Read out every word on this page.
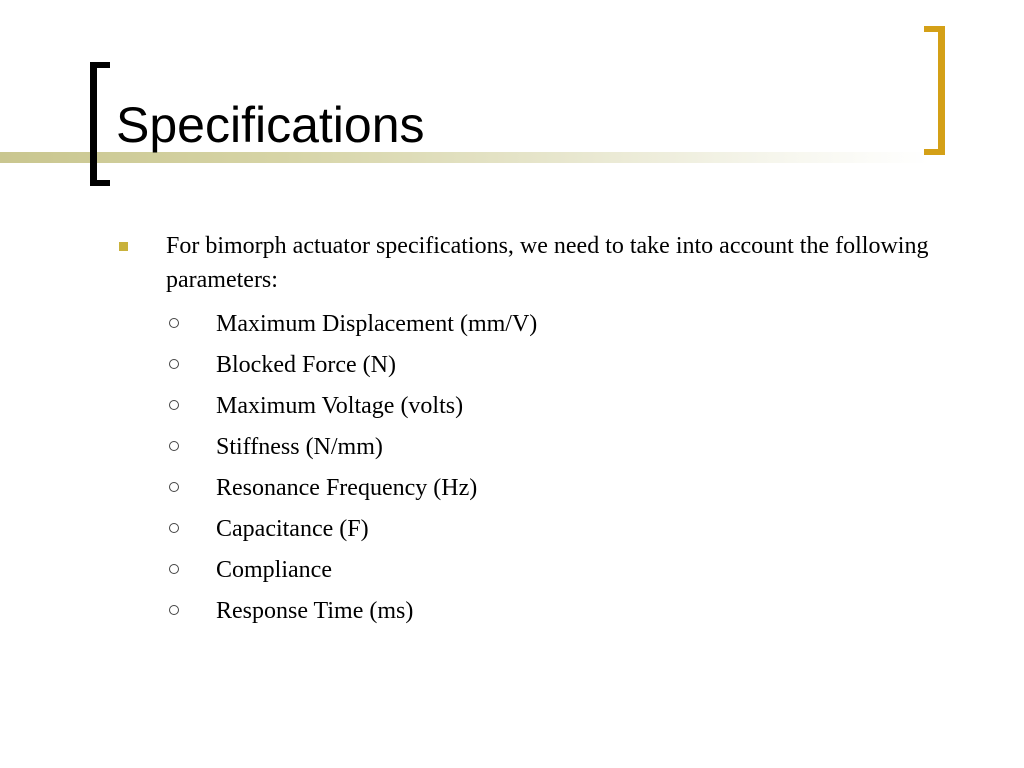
Specifications
For bimorph actuator specifications, we need to take into account the following parameters:
Maximum Displacement (mm/V)
Blocked Force (N)
Maximum Voltage (volts)
Stiffness (N/mm)
Resonance Frequency (Hz)
Capacitance (F)
Compliance
Response Time (ms)
